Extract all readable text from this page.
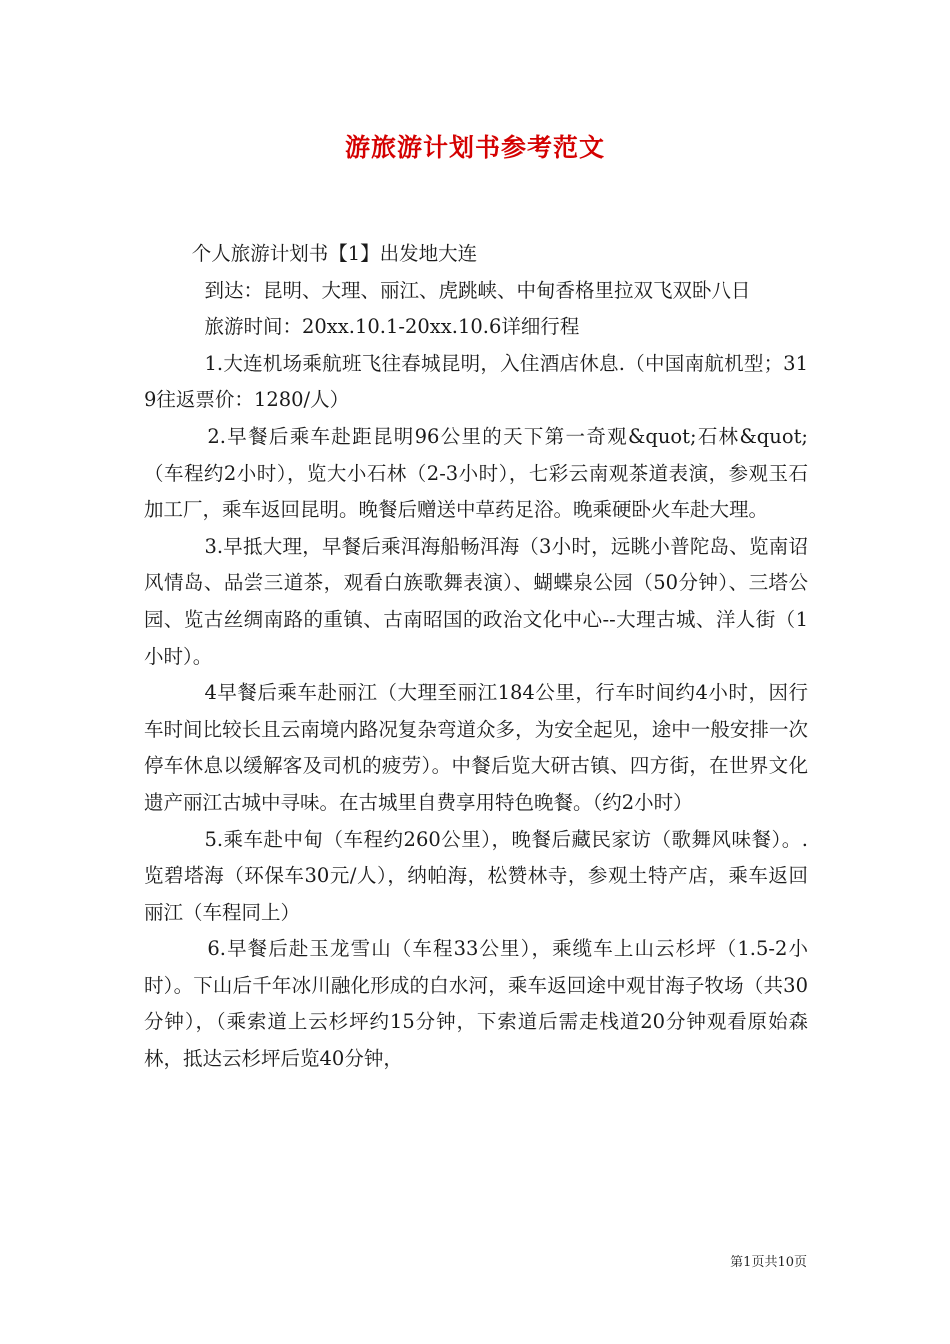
游旅游计划书参考范文

个人旅游计划书【1】出发地大连

到达：昆明、大理、丽江、虎跳峡、中甸香格里拉双飞双卧八日

旅游时间：20xx.10.1-20xx.10.6详细行程

1.大连机场乘航班飞往春城昆明，入住酒店休息.（中国南航机型；319往返票价：1280/人）

2.早餐后乘车赴距昆明96公里的天下第一奇观&quot;石林&quot;（车程约2小时），览大小石林（2-3小时），七彩云南观茶道表演，参观玉石加工厂，乘车返回昆明。晚餐后赠送中草药足浴。晚乘硬卧火车赴大理。

3.早抵大理，早餐后乘洱海船畅洱海（3小时，远眺小普陀岛、览南诏风情岛、品尝三道茶，观看白族歌舞表演）、蝴蝶泉公园（50分钟）、三塔公园、览古丝绸南路的重镇、古南昭国的政治文化中心--大理古城、洋人街（1小时）。

4早餐后乘车赴丽江（大理至丽江184公里，行车时间约4小时，因行车时间比较长且云南境内路况复杂弯道众多，为安全起见，途中一般安排一次停车休息以缓解客及司机的疲劳）。中餐后览大研古镇、四方街，在世界文化遗产丽江古城中寻味。在古城里自费享用特色晚餐。（约2小时）

5.乘车赴中甸（车程约260公里），晚餐后藏民家访（歌舞风味餐）。.览碧塔海（环保车30元/人），纳帕海，松赞林寺，参观土特产店，乘车返回丽江（车程同上）

6.早餐后赴玉龙雪山（车程33公里），乘缆车上山云杉坪（1.5-2小时）。下山后千年冰川融化形成的白水河，乘车返回途中观甘海子牧场（共30分钟），（乘索道上云杉坪约15分钟，下索道后需走栈道20分钟观看原始森林，抵达云杉坪后览40分钟，

第1页共10页
